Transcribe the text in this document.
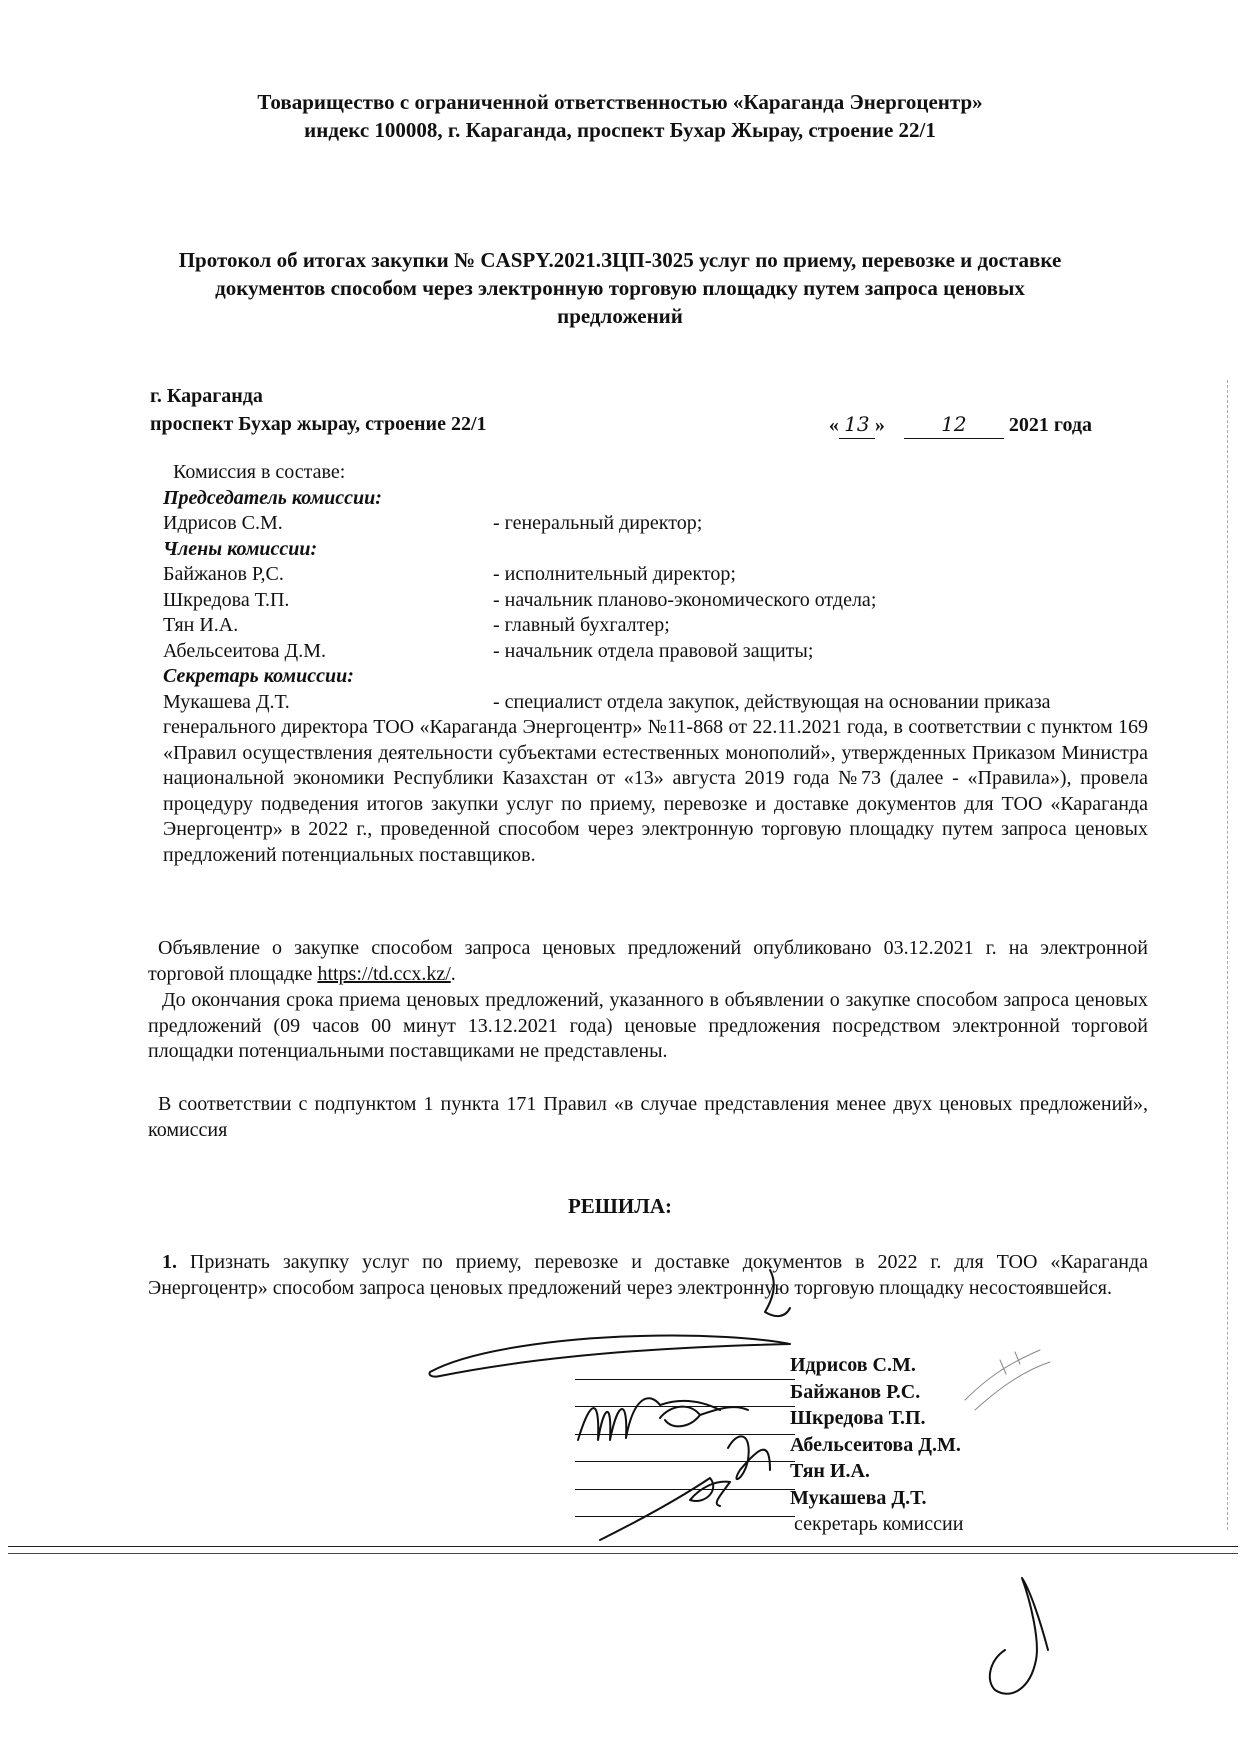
Товарищество с ограниченной ответственностью «Караганда Энергоцентр»
индекс 100008, г. Караганда, проспект Бухар Жырау, строение 22/1
Протокол об итогах закупки № CASPY.2021.ЗЦП-3025 услуг по приему, перевозке и доставке
документов способом через электронную торговую площадку путем запроса ценовых
предложений
г. Караганда
проспект Бухар жырау, строение 22/1	« 13 »	12 2021 года
Комиссия в составе:
Председатель комиссии:
Идрисов С.М.	- генеральный директор;
Члены комиссии:
Байжанов Р,С.	- исполнительный директор;
Шкредова Т.П.	- начальник планово-экономического отдела;
Тян И.А.	- главный бухгалтер;
Абельсеитова Д.М.	- начальник отдела правовой защиты;
Секретарь комиссии:
Мукашева Д.Т.	- специалист отдела закупок, действующая на основании приказа
генерального директора ТОО «Караганда Энергоцентр» №11-868 от 22.11.2021 года, в соответствии с пунктом 169 «Правил осуществления деятельности субъектами естественных монополий», утвержденных Приказом Министра национальной экономики Республики Казахстан от «13» августа 2019 года №73 (далее - «Правила»), провела процедуру подведения итогов закупки услуг по приему, перевозке и доставке документов для ТОО «Караганда Энергоцентр» в 2022 г., проведенной способом через электронную торговую площадку путем запроса ценовых предложений потенциальных поставщиков.
Объявление о закупке способом запроса ценовых предложений опубликовано 03.12.2021 г. на электронной торговой площадке https://td.ccx.kz/.
До окончания срока приема ценовых предложений, указанного в объявлении о закупке способом запроса ценовых предложений (09 часов 00 минут 13.12.2021 года) ценовые предложения посредством электронной торговой площадки потенциальными поставщиками не представлены.
В соответствии с подпунктом 1 пункта 171 Правил «в случае представления менее двух ценовых предложений», комиссия
РЕШИЛА:
1. Признать закупку услуг по приему, перевозке и доставке документов в 2022 г. для ТОО «Караганда Энергоцентр» способом запроса ценовых предложений через электронную торговую площадку несостоявшейся.
Идрисов С.М.
Байжанов Р.С.
Шкредова Т.П.
Абельсеитова Д.М.
Тян И.А.
Мукашева Д.Т.
секретарь комиссии
